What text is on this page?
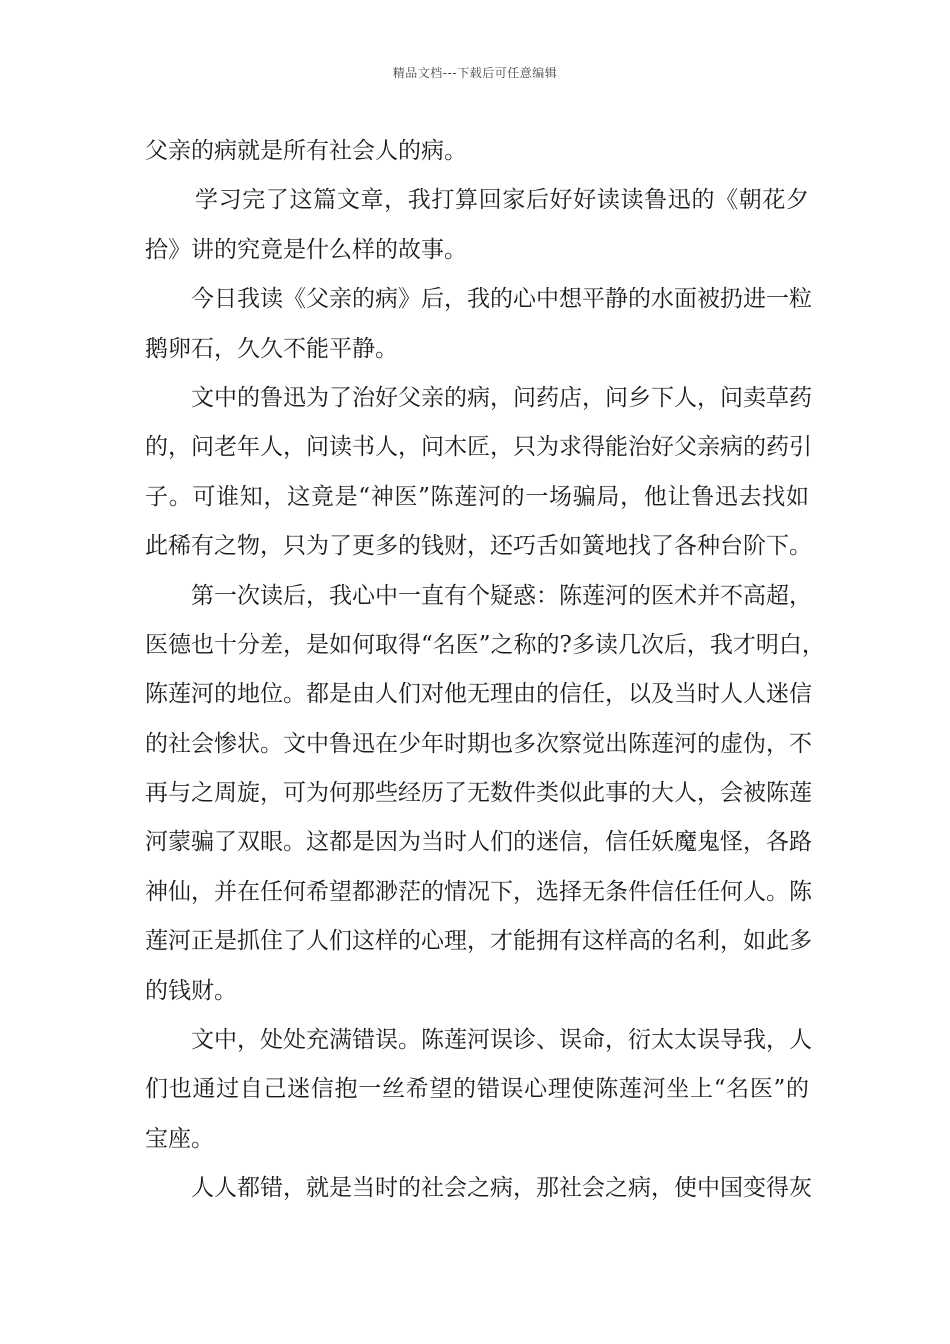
精品文档---下载后可任意编辑
父亲的病就是所有社会人的病。
学习完了这篇文章，我打算回家后好好读读鲁迅的《朝花夕
拾》讲的究竟是什么样的故事。
今日我读《父亲的病》后，我的心中想平静的水面被扔进一粒
鹅卵石，久久不能平静。
文中的鲁迅为了治好父亲的病，问药店，问乡下人，问卖草药
的，问老年人，问读书人，问木匠，只为求得能治好父亲病的药引
子。可谁知，这竟是“神医”陈莲河的一场骗局，他让鲁迅去找如
此稀有之物，只为了更多的钱财，还巧舌如簧地找了各种台阶下。
第一次读后，我心中一直有个疑惑：陈莲河的医术并不高超，
医德也十分差，是如何取得“名医”之称的?多读几次后，我才明白，
陈莲河的地位。都是由人们对他无理由的信任，以及当时人人迷信
的社会惨状。文中鲁迅在少年时期也多次察觉出陈莲河的虚伪，不
再与之周旋，可为何那些经历了无数件类似此事的大人，会被陈莲
河蒙骗了双眼。这都是因为当时人们的迷信，信任妖魔鬼怪，各路
神仙，并在任何希望都渺茫的情况下，选择无条件信任任何人。陈
莲河正是抓住了人们这样的心理，才能拥有这样高的名利，如此多
的钱财。
文中，处处充满错误。陈莲河误诊、误命，衍太太误导我，人
们也通过自己迷信抱一丝希望的错误心理使陈莲河坐上“名医”的
宝座。
人人都错，就是当时的社会之病，那社会之病，使中国变得灰
